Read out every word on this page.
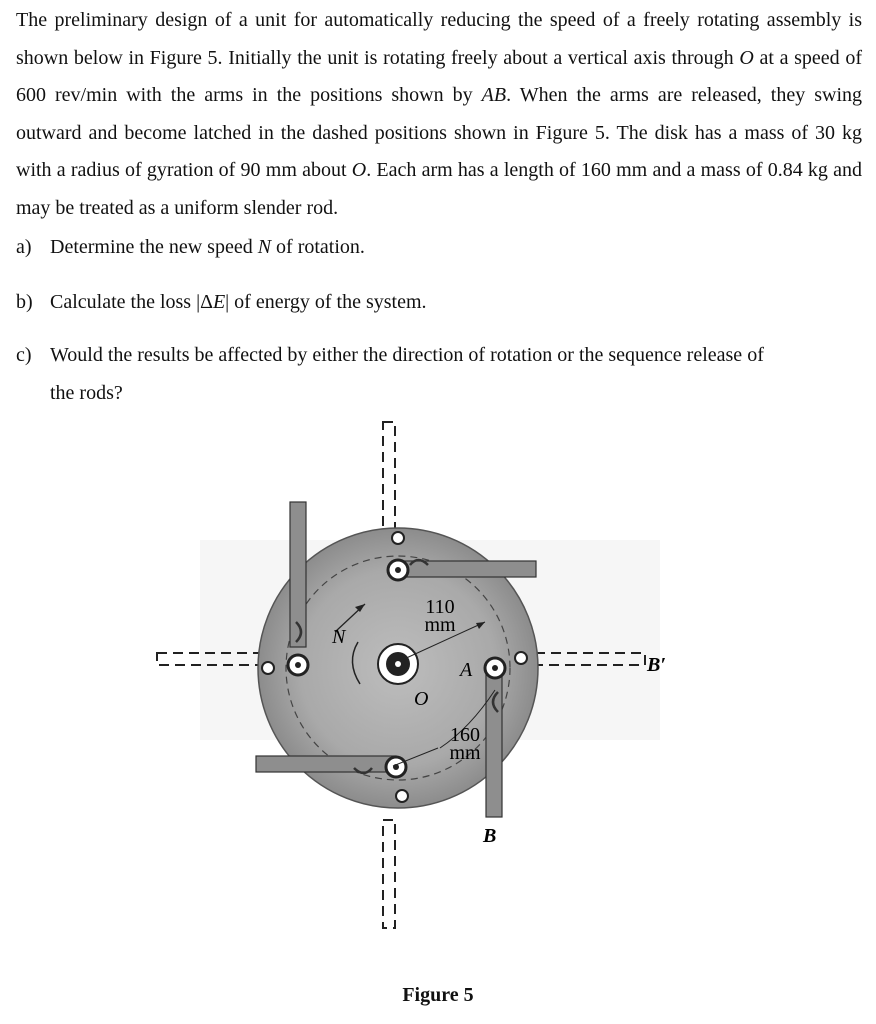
The preliminary design of a unit for automatically reducing the speed of a freely rotating assembly is shown below in Figure 5. Initially the unit is rotating freely about a vertical axis through O at a speed of 600 rev/min with the arms in the positions shown by AB. When the arms are released, they swing outward and become latched in the dashed positions shown in Figure 5. The disk has a mass of 30 kg with a radius of gyration of 90 mm about O. Each arm has a length of 160 mm and a mass of 0.84 kg and may be treated as a uniform slender rod.

a) Determine the new speed N of rotation.

b) Calculate the loss |ΔE| of energy of the system.

c) Would the results be affected by either the direction of rotation or the sequence release of
the rods?

110
mm
160
mm
N
O
A
B
B′
Figure 5
